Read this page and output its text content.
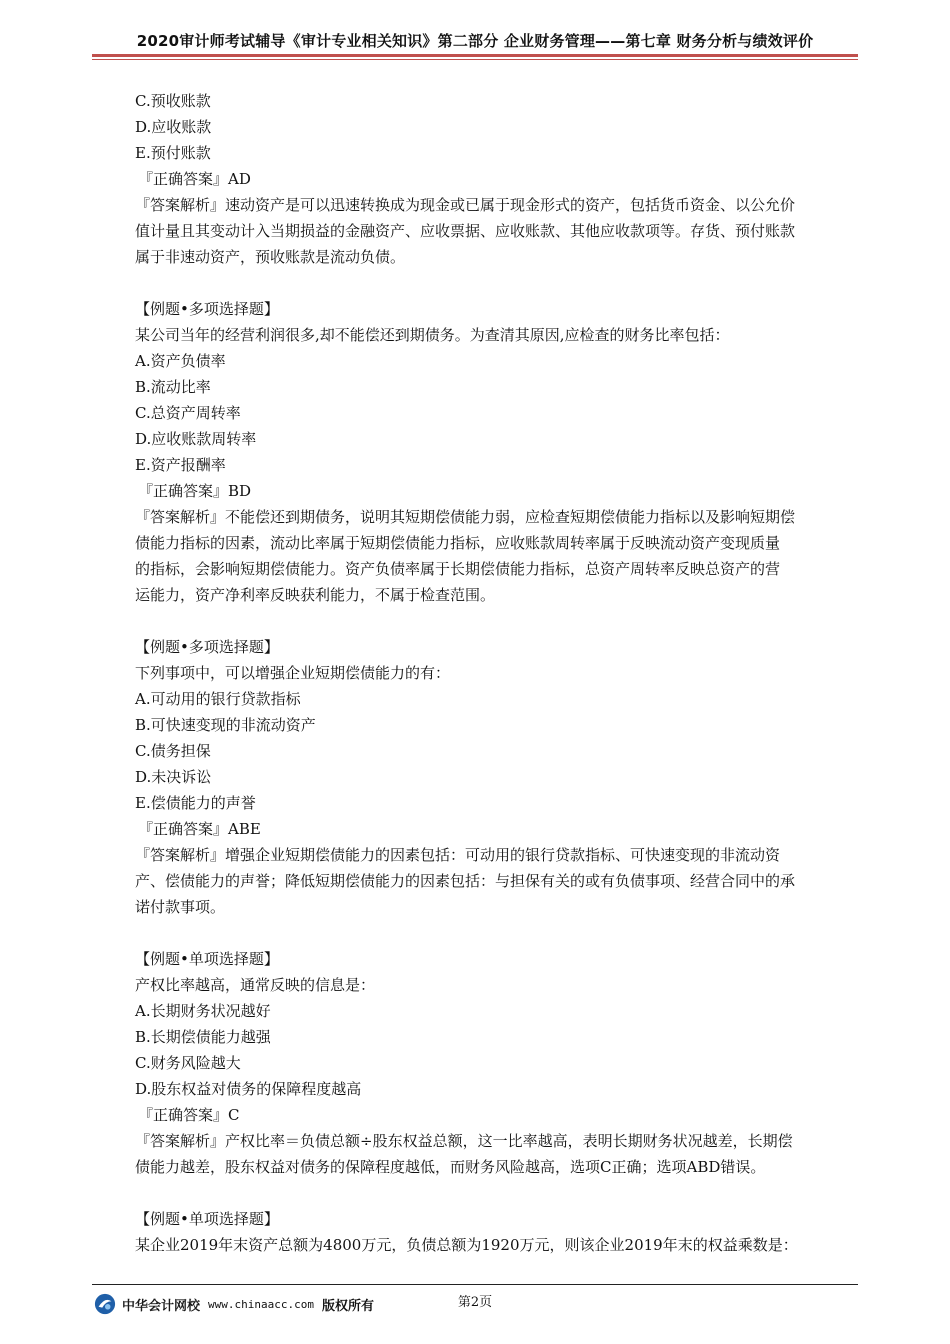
2020审计师考试辅导《审计专业相关知识》第二部分 企业财务管理——第七章 财务分析与绩效评价
C.预收账款
D.应收账款
E.预付账款
『正确答案』AD
『答案解析』速动资产是可以迅速转换成为现金或已属于现金形式的资产，包括货币资金、以公允价
值计量且其变动计入当期损益的金融资产、应收票据、应收账款、其他应收款项等。存货、预付账款
属于非速动资产，预收账款是流动负债。
【例题•多项选择题】
某公司当年的经营利润很多,却不能偿还到期债务。为查清其原因,应检查的财务比率包括：
A.资产负债率
B.流动比率
C.总资产周转率
D.应收账款周转率
E.资产报酬率
『正确答案』BD
『答案解析』不能偿还到期债务，说明其短期偿债能力弱，应检查短期偿债能力指标以及影响短期偿
债能力指标的因素，流动比率属于短期偿债能力指标，应收账款周转率属于反映流动资产变现质量
的指标，会影响短期偿债能力。资产负债率属于长期偿债能力指标，总资产周转率反映总资产的营
运能力，资产净利率反映获利能力，不属于检查范围。
【例题•多项选择题】
下列事项中，可以增强企业短期偿债能力的有：
A.可动用的银行贷款指标
B.可快速变现的非流动资产
C.债务担保
D.未决诉讼
E.偿债能力的声誉
『正确答案』ABE
『答案解析』增强企业短期偿债能力的因素包括：可动用的银行贷款指标、可快速变现的非流动资
产、偿债能力的声誉；降低短期偿债能力的因素包括：与担保有关的或有负债事项、经营合同中的承
诺付款事项。
【例题•单项选择题】
产权比率越高，通常反映的信息是：
A.长期财务状况越好
B.长期偿债能力越强
C.财务风险越大
D.股东权益对债务的保障程度越高
『正确答案』C
『答案解析』产权比率＝负债总额÷股东权益总额，这一比率越高，表明长期财务状况越差，长期偿
债能力越差，股东权益对债务的保障程度越低，而财务风险越高，选项C正确；选项ABD错误。
【例题•单项选择题】
某企业2019年末资产总额为4800万元，负债总额为1920万元，则该企业2019年末的权益乘数是：
第2页
中华会计网校 www.chinaacc.com 版权所有
